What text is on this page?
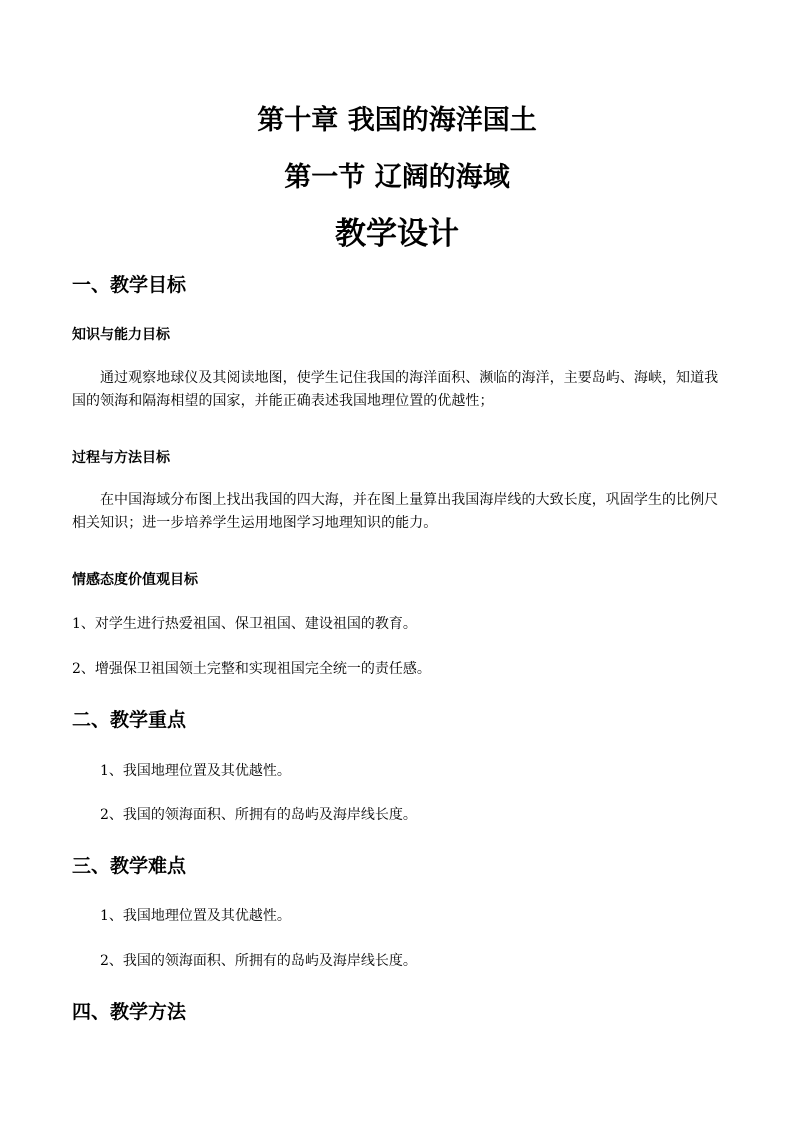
第十章 我国的海洋国土
第一节 辽阔的海域
教学设计
一、教学目标
知识与能力目标
通过观察地球仪及其阅读地图，使学生记住我国的海洋面积、濒临的海洋，主要岛屿、海峡，知道我国的领海和隔海相望的国家，并能正确表述我国地理位置的优越性；
过程与方法目标
在中国海域分布图上找出我国的四大海，并在图上量算出我国海岸线的大致长度，巩固学生的比例尺相关知识；进一步培养学生运用地图学习地理知识的能力。
情感态度价值观目标
1、对学生进行热爱祖国、保卫祖国、建设祖国的教育。
2、增强保卫祖国领土完整和实现祖国完全统一的责任感。
二、教学重点
1、我国地理位置及其优越性。
2、我国的领海面积、所拥有的岛屿及海岸线长度。
三、教学难点
1、我国地理位置及其优越性。
2、我国的领海面积、所拥有的岛屿及海岸线长度。
四、教学方法
